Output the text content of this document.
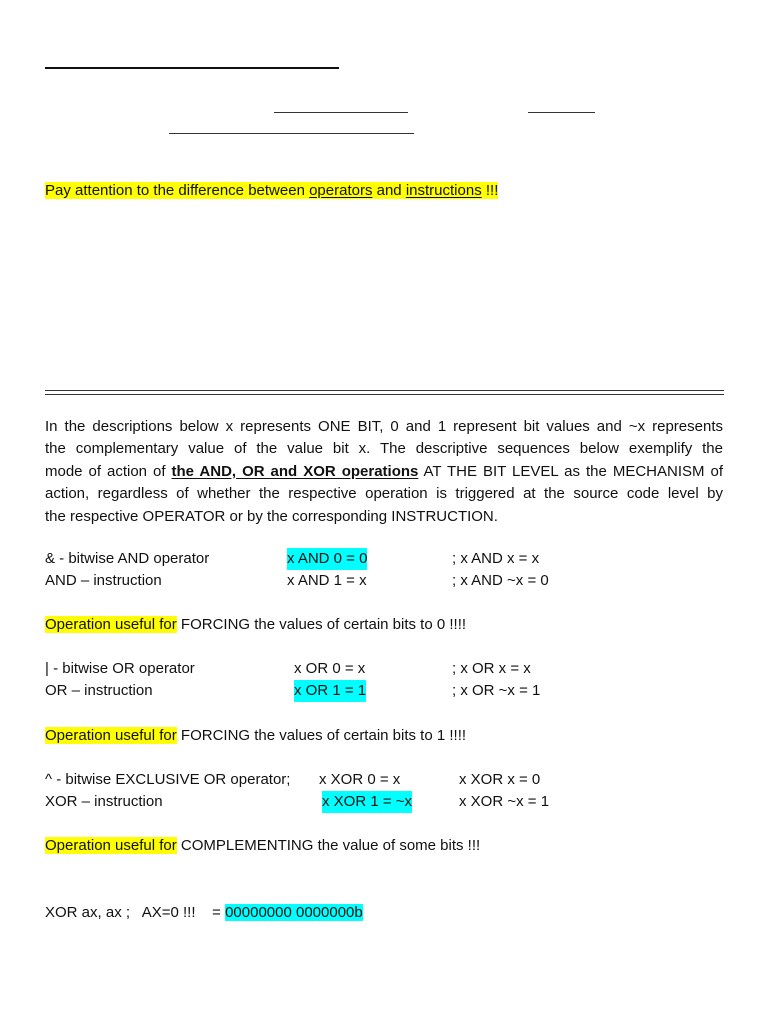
Pay attention to the difference between operators and instructions !!!
In the descriptions below x represents ONE BIT, 0 and 1 represent bit values and ~x represents
the complementary value of the value bit x. The descriptive sequences below exemplify the
mode of action of the AND, OR and XOR operations AT THE BIT LEVEL as the MECHANISM of
action, regardless of whether the respective operation is triggered at the source code level by
the respective OPERATOR or by the corresponding INSTRUCTION.
& - bitwise AND operator	x AND 0 = 0	; x AND x = x
AND – instruction	x AND 1 = x	; x AND ~x = 0
Operation useful for FORCING the values of certain bits to 0 !!!!
| - bitwise OR operator	x OR 0 = x	; x OR x = x
OR – instruction	x OR 1 = 1	; x OR ~x = 1
Operation useful for FORCING the values of certain bits to 1 !!!!
^ - bitwise EXCLUSIVE OR operator; x XOR 0 = x	x XOR x = 0
XOR – instruction	x XOR 1 = ~x	x XOR ~x = 1
Operation useful for COMPLEMENTING the value of some bits !!!
XOR ax, ax ;   AX=0 !!!    = 00000000 0000000b
